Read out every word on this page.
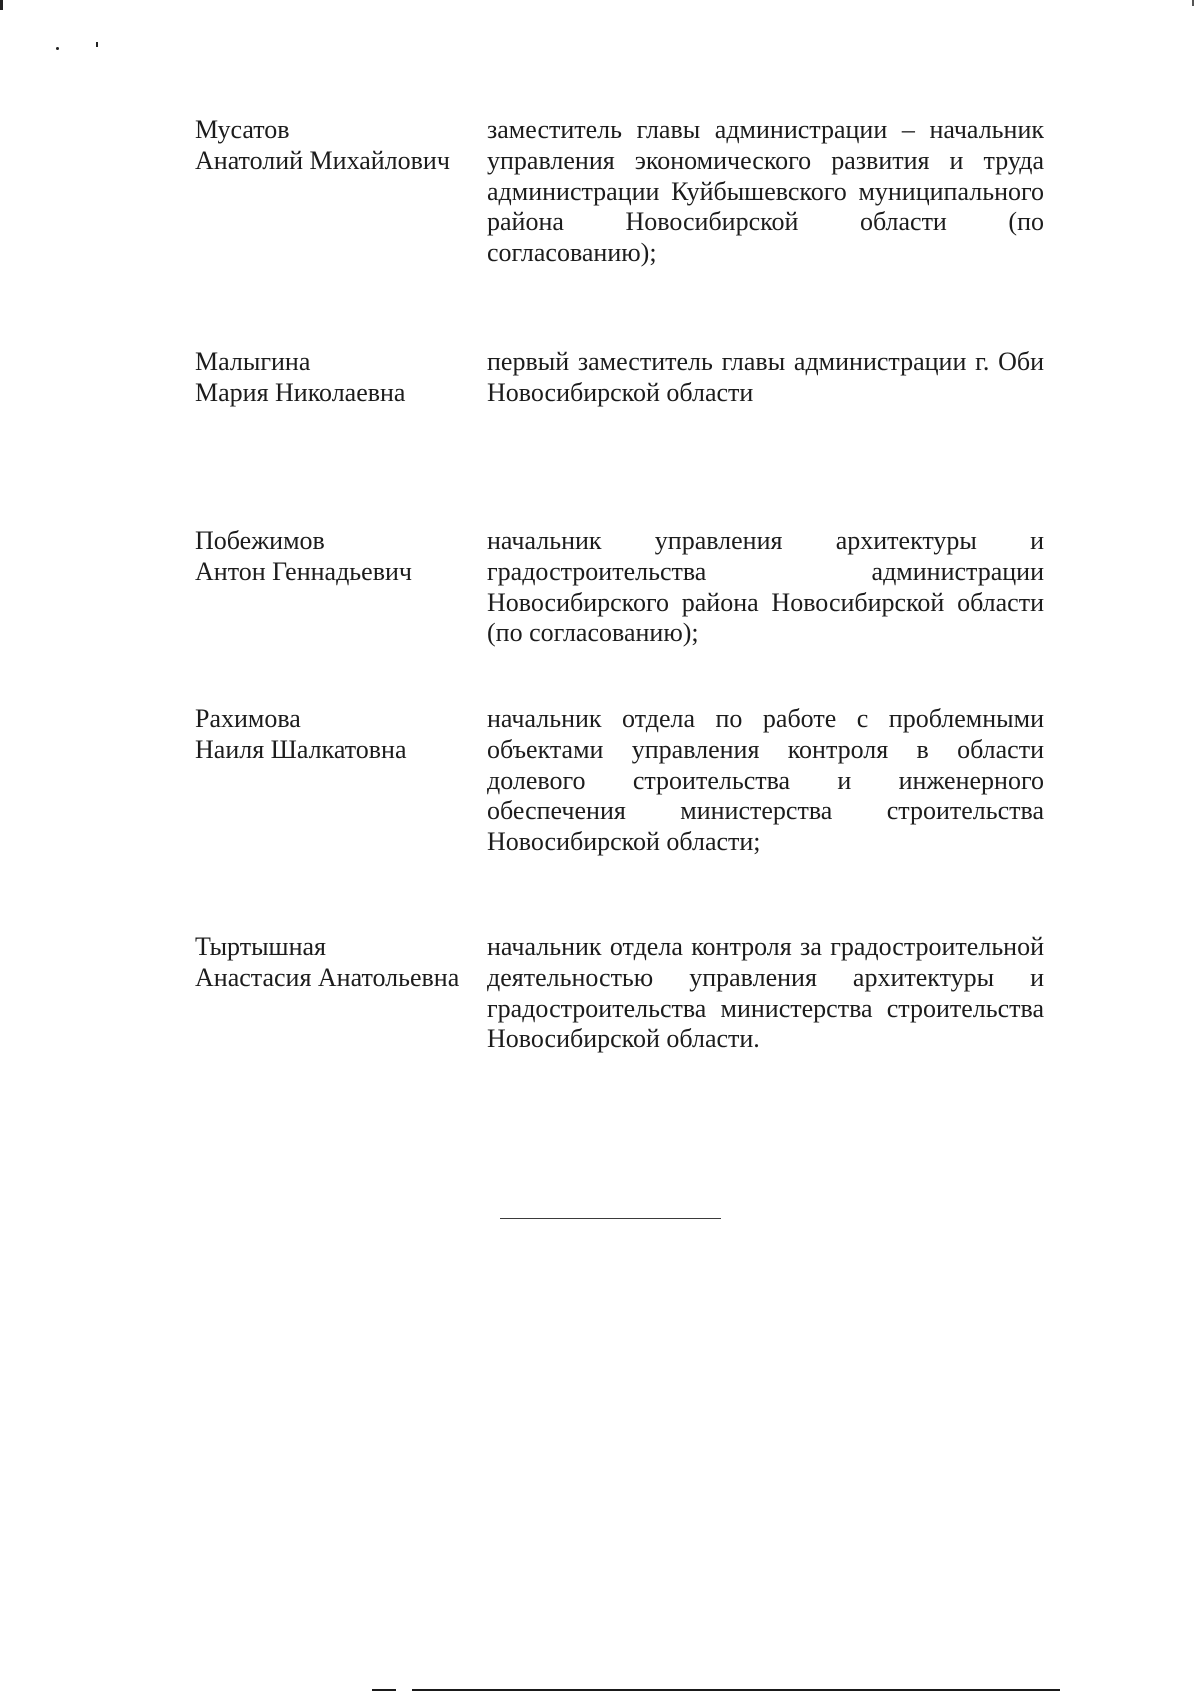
Мусатов
Анатолий Михайлович
заместитель главы администрации – начальник
управления экономического развития и труда
администрации Куйбышевского муниципального
района Новосибирской области (по
согласованию);
Малыгина
Мария Николаевна
первый заместитель главы администрации г. Оби
Новосибирской области
Побежимов
Антон Геннадьевич
начальник управления архитектуры и
градостроительства администрации
Новосибирского района Новосибирской области
(по согласованию);
Рахимова
Наиля Шалкатовна
начальник отдела по работе с проблемными
объектами управления контроля в области
долевого строительства и инженерного
обеспечения министерства строительства
Новосибирской области;
Тыртышная
Анастасия Анатольевна
начальник отдела контроля за градостроительной
деятельностью управления архитектуры и
градостроительства министерства строительства
Новосибирской области.
